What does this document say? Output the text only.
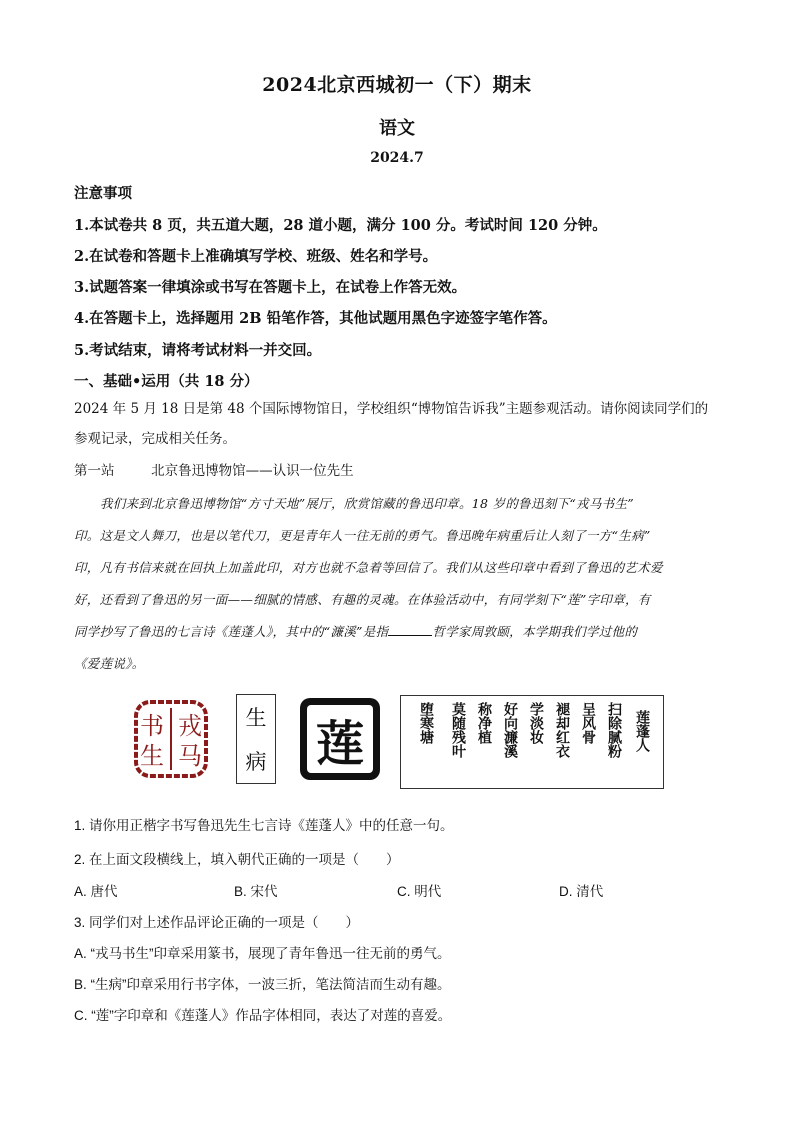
2024北京西城初一（下）期末
语文
2024.7
注意事项
1.本试卷共 8 页，共五道大题，28 道小题，满分 100 分。考试时间 120 分钟。
2.在试卷和答题卡上准确填写学校、班级、姓名和学号。
3.试题答案一律填涂或书写在答题卡上，在试卷上作答无效。
4.在答题卡上，选择题用 2B 铅笔作答，其他试题用黑色字迹签字笔作答。
5.考试结束，请将考试材料一并交回。
一、基础•运用（共 18 分）
2024 年 5 月 18 日是第 48 个国际博物馆日，学校组织“博物馆告诉我”主题参观活动。请你阅读同学们的
参观记录，完成相关任务。
第一站	北京鲁迅博物馆——认识一位先生
我们来到北京鲁迅博物馆“方寸天地”展厅，欣赏馆藏的鲁迅印章。18 岁的鲁迅刻下“戎马书生”
印。这是文人舞刀，也是以笔代刀，更是青年人一往无前的勇气。鲁迅晚年病重后让人刻了一方“生病”
印，凡有书信来就在回执上加盖此印，对方也就不急着等回信了。我们从这些印章中看到了鲁迅的艺术爱
好，还看到了鲁迅的另一面——细腻的情感、有趣的灵魂。在体验活动中，有同学刻下“莲”字印章，有
同学抄写了鲁迅的七言诗《莲蓬人》，其中的“濂溪”是指	哲学家周敦颐，本学期我们学过他的
《爱莲说》。
戎
马
书
生
生
病 莲	莲蓬人
扫除腻粉
呈风骨
褪却红衣
学淡妆
好向濂溪
称净植
莫随残叶
堕寒塘
1. 请你用正楷字书写鲁迅先生七言诗《莲蓬人》中的任意一句。
2. 在上面文段横线上，填入朝代正确的一项是（　　）
A. 唐代	B. 宋代	C. 明代	D. 清代
3. 同学们对上述作品评论正确的一项是（　　）
A. “戎马书生”印章采用篆书，展现了青年鲁迅一往无前的勇气。
B. “生病”印章采用行书字体，一波三折，笔法简洁而生动有趣。
C. “莲”字印章和《莲蓬人》作品字体相同，表达了对莲的喜爱。
